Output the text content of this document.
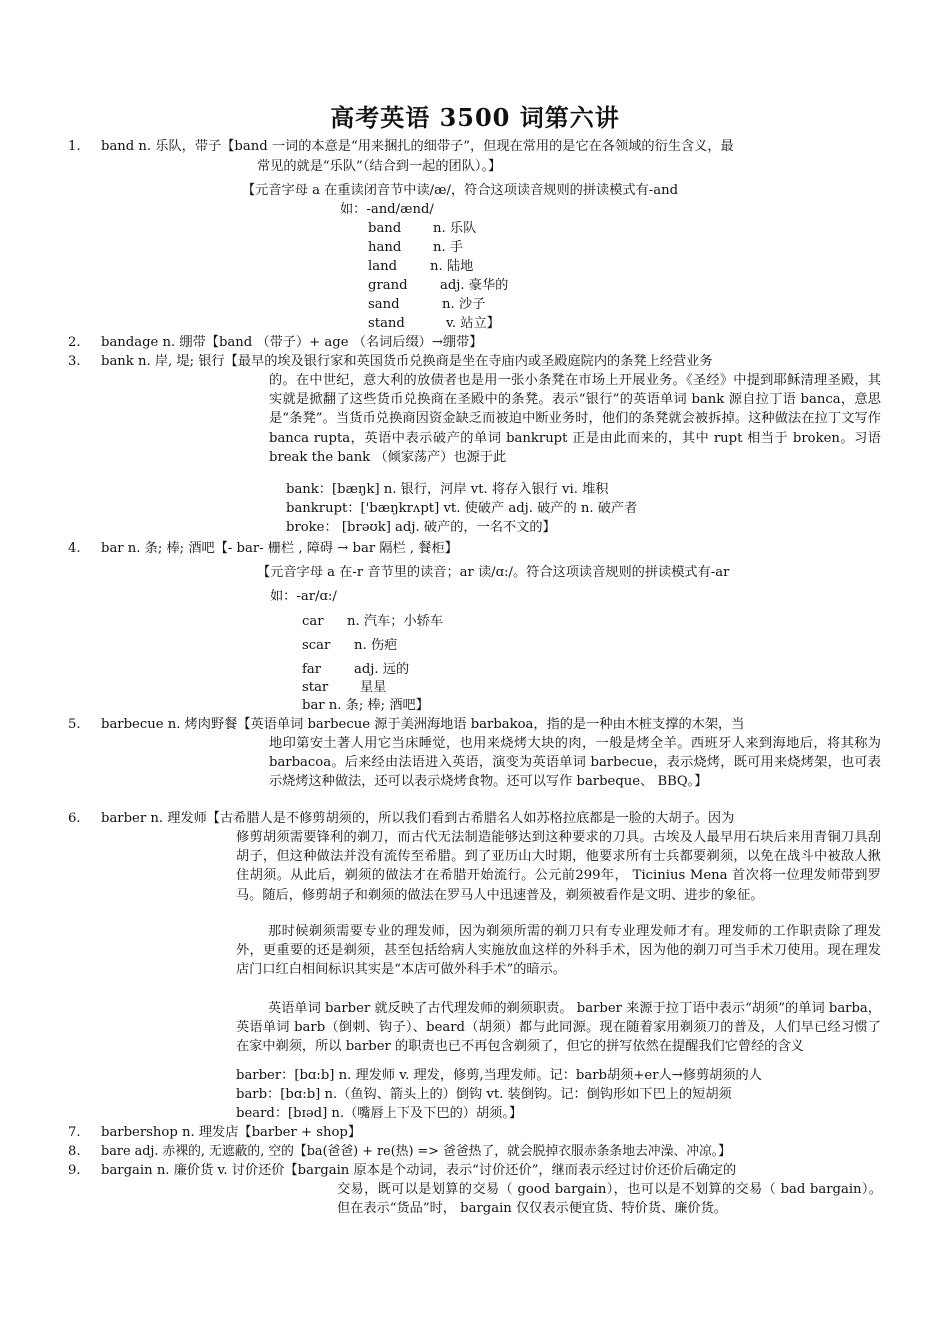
高考英语 3500 词第六讲
1. band n. 乐队，带子【band 一词的本意是“用来捆扎的细带子”，但现在常用的是它在各领域的衍生含义，最
常见的就是“乐队”（结合到一起的团队）。】
【元音字母 a 在重读闭音节中读/æ/，符合这项读音规则的拼读模式有-and
如：-and/ænd/
band n. 乐队
hand n. 手
land n. 陆地
grand adj. 豪华的
sand	n. 沙子
stand	v. 站立】
2. bandage n. 绷带【band （带子）+ age （名词后缀）→绷带】
3. bank n. 岸, 堤; 银行【最早的埃及银行家和英国货币兑换商是坐在寺庙内或圣殿庭院内的条凳上经营业务
的。在中世纪，意大利的放债者也是用一张小条凳在市场上开展业务。《圣经》中提到耶稣清理圣殿，其实就是掀翻了这些货币兑换商在圣殿中的条凳。表示“银行”的英语单词 bank 源自拉丁语 banca，意思是“条凳”。当货币兑换商因资金缺乏而被迫中断业务时，他们的条凳就会被拆掉。这种做法在拉丁文写作 banca rupta，英语中表示破产的单词 bankrupt 正是由此而来的，其中 rupt 相当于 broken。习语 break the bank （倾家荡产）也源于此
bank：[bæŋk] n. 银行，河岸 vt. 将存入银行 vi. 堆积
bankrupt：['bæŋkrʌpt] vt. 使破产 adj. 破产的 n. 破产者
broke： [brəʊk] adj. 破产的，一名不文的】
4. bar n. 条; 棒; 酒吧【- bar- 栅栏 , 障碍 → bar 隔栏 , 餐柜】
【元音字母 a 在-r 音节里的读音；ar 读/ɑ:/。符合这项读音规则的拼读模式有-ar
如：-ar/ɑ:/
car n. 汽车；小轿车
scar n. 伤疤
far adj. 远的
star 星星
bar n. 条; 棒; 酒吧】
5. barbecue n. 烤肉野餐【英语单词 barbecue 源于美洲海地语 barbakoa，指的是一种由木桩支撑的木架，当
地印第安土著人用它当床睡觉，也用来烧烤大块的肉，一般是烤全羊。西班牙人来到海地后，将其称为 barbacoa。后来经由法语进入英语，演变为英语单词 barbecue，表示烧烤，既可用来烧烤架，也可表示烧烤这种做法，还可以表示烧烤食物。还可以写作 barbeque、 BBQ。】
6. barber n. 理发师【古希腊人是不修剪胡须的，所以我们看到古希腊名人如苏格拉底都是一脸的大胡子。因为
修剪胡须需要锋利的剃刀，而古代无法制造能够达到这种要求的刀具。古埃及人最早用石块后来用青铜刀具刮胡子，但这种做法并没有流传至希腊。到了亚历山大时期，他要求所有士兵都要剃须，以免在战斗中被敌人揪住胡须。从此后，剃须的做法才在希腊开始流行。公元前299年， Ticinius Mena 首次将一位理发师带到罗马。随后，修剪胡子和剃须的做法在罗马人中迅速普及，剃须被看作是文明、进步的象征。
那时候剃须需要专业的理发师，因为剃须所需的剃刀只有专业理发师才有。理发师的工作职责除了理发外，更重要的还是剃须，甚至包括给病人实施放血这样的外科手术，因为他的剃刀可当手术刀使用。现在理发店门口红白相间标识其实是“本店可做外科手术”的暗示。
英语单词 barber 就反映了古代理发师的剃须职责。 barber 来源于拉丁语中表示“胡须”的单词 barba，英语单词 barb（倒刺、钩子）、beard（胡须）都与此同源。现在随着家用剃须刀的普及，人们早已经习惯了在家中剃须，所以 barber 的职责也已不再包含剃须了，但它的拼写依然在提醒我们它曾经的含义
barber：[bɑ:b] n. 理发师 v. 理发，修剪,当理发师。记：barb胡须+er人→修剪胡须的人
barb：[bɑ:b] n.（鱼钩、箭头上的）倒钩 vt. 装倒钩。记：倒钩形如下巴上的短胡须
beard：[bɪəd] n.（嘴唇上下及下巴的）胡须。】
7. barbershop n. 理发店【barber + shop】
8. bare adj. 赤裸的, 无遮蔽的, 空的【ba(爸爸) + re(热) => 爸爸热了，就会脱掉衣服赤条条地去冲澡、冲凉。】
9. bargain n. 廉价货 v. 讨价还价【bargain 原本是个动词，表示“讨价还价”，继而表示经过讨价还价后确定的
交易，既可以是划算的交易（ good bargain），也可以是不划算的交易（ bad bargain）。但在表示“货品”时， bargain 仅仅表示便宜货、特价货、廉价货。
